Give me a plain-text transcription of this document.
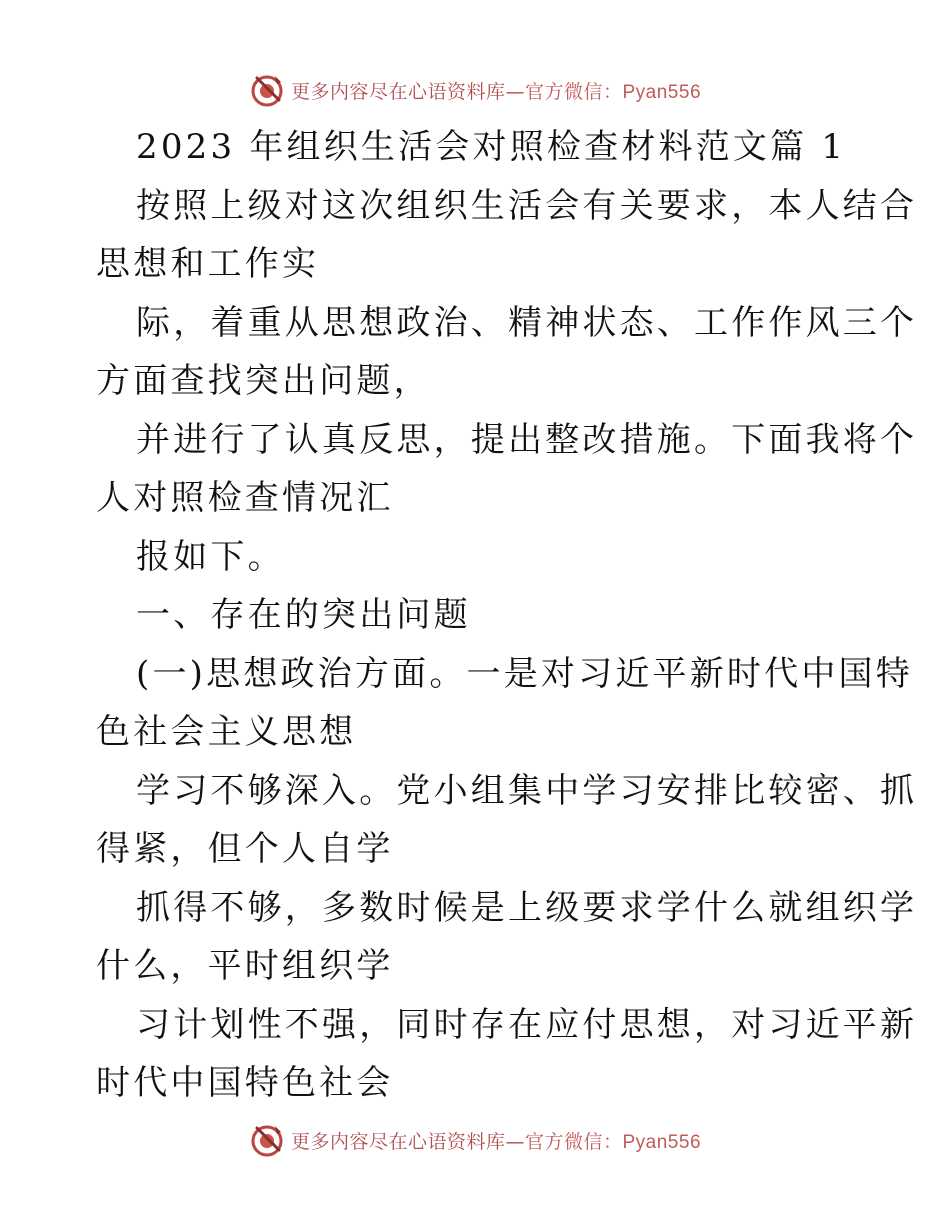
更多内容尽在心语资料库—官方微信：Pyan556
2023 年组织生活会对照检查材料范文篇 1
按照上级对这次组织生活会有关要求，本人结合
思想和工作实
际，着重从思想政治、精神状态、工作作风三个
方面查找突出问题，
并进行了认真反思，提出整改措施。下面我将个
人对照检查情况汇
报如下。
一、存在的突出问题
(一)思想政治方面。一是对习近平新时代中国特
色社会主义思想
学习不够深入。党小组集中学习安排比较密、抓
得紧，但个人自学
抓得不够，多数时候是上级要求学什么就组织学
什么，平时组织学
习计划性不强，同时存在应付思想，对习近平新
时代中国特色社会
更多内容尽在心语资料库—官方微信：Pyan556
